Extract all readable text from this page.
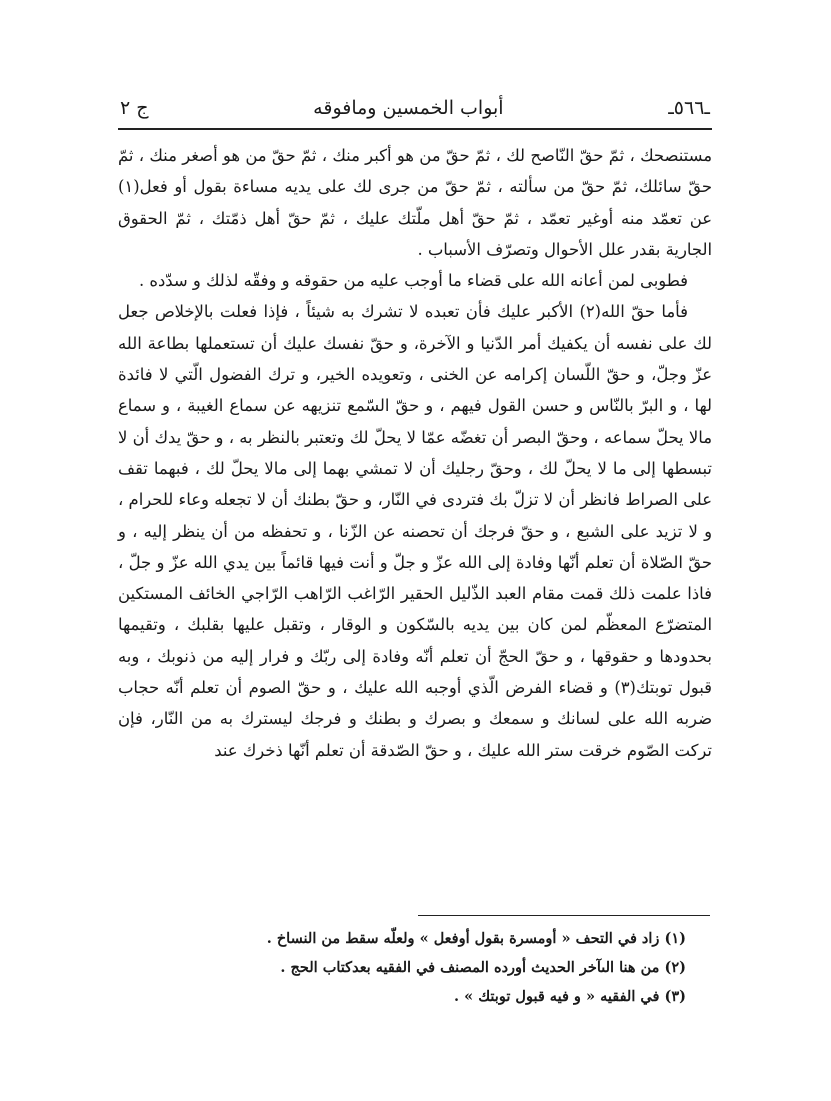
ـ٥٦٦ـ
أبواب الخمسين ومافوقه
ج ٢

مستنصحك ، ثمّ حقّ النّاصح لك ، ثمّ حقّ من هو أكبر منك ، ثمّ حقّ من هو أصغر منك ، ثمّ حقّ سائلك، ثمّ حقّ من سألته ، ثمّ حقّ من جرى لك على يديه مساءة بقول أو فعل(١) عن تعمّد منه أوغير تعمّد ، ثمّ حقّ أهل ملّتك عليك ، ثمّ حقّ أهل ذمّتك ، ثمّ الحقوق الجارية بقدر علل الأحوال وتصرّف الأسباب .

فطوبى لمن أعانه الله على قضاء ما أوجب عليه من حقوقه و وفقّه لذلك و سدّده .

فأما حقّ الله(٢) الأكبر عليك فأن تعبده لا تشرك به شيئاً ، فإذا فعلت بالإخلاص جعل لك على نفسه أن يكفيك أمر الدّنيا و الآخرة، و حقّ نفسك عليك أن تستعملها بطاعة الله عزّ وجلّ، و حقّ اللّسان إكرامه عن الخنى ، وتعويده الخير، و ترك الفضول الّتي لا فائدة لها ، و البرّ بالنّاس و حسن القول فيهم ، و حقّ السّمع تنزيهه عن سماع الغيبة ، و سماع مالا يحلّ سماعه ، وحقّ البصر أن تغضّه عمّا لا يحلّ لك وتعتبر بالنظر به ، و حقّ يدك أن لا تبسطها إلى ما لا يحلّ لك ، وحقّ رجليك أن لا تمشي بهما إلى مالا يحلّ لك ، فبهما تقف على الصراط فانظر أن لا تزلّ بك فتردى في النّار، و حقّ بطنك أن لا تجعله وعاء للحرام ، و لا تزيد على الشبع ، و حقّ فرجك أن تحصنه عن الزّنا ، و تحفظه من أن ينظر إليه ، و حقّ الصّلاة أن تعلم أنّها وفادة إلى الله عزّ و جلّ و أنت فيها قائماً بين يدي الله عزّ و جلّ ، فاذا علمت ذلك قمت مقام العبد الذّليل الحقير الرّاغب الرّاهب الرّاجي الخائف المستكين المتضرّع المعظّم لمن كان بين يديه بالسّكون و الوقار ، وتقبل عليها بقلبك ، وتقيمها بحدودها و حقوقها ، و حقّ الحجّ أن تعلم أنّه وفادة إلى ربّك و فرار إليه من ذنوبك ، وبه قبول توبتك(٣) و قضاء الفرض الّذي أوجبه الله عليك ، و حقّ الصوم أن تعلم أنّه حجاب ضربه الله على لسانك و سمعك و بصرك و بطنك و فرجك ليسترك به من النّار، فإن تركت الصّوم خرقت ستر الله عليك ، و حقّ الصّدقة أن تعلم أنّها ذخرك عند

(١) زاد في التحف « أومسرة بقول أوفعل » ولعلّه سقط من النساخ .
(٢) من هنا الىآخر الحديث أورده المصنف في الفقيه بعدكتاب الحج .
(٣) في الفقيه « و فيه قبول توبتك » .
